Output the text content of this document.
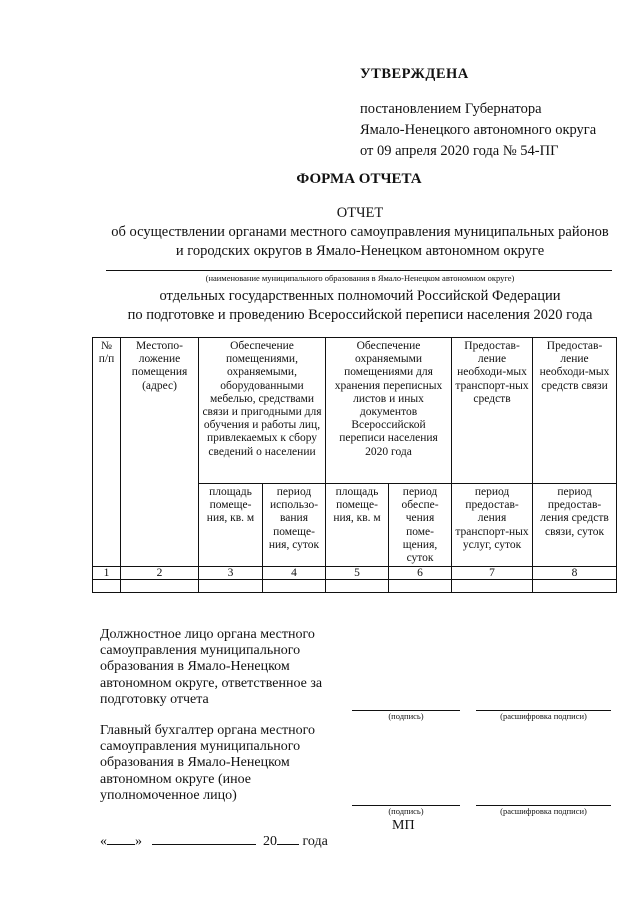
УТВЕРЖДЕНА
постановлением Губернатора
Ямало-Ненецкого автономного округа
от 09 апреля 2020 года № 54-ПГ
ФОРМА ОТЧЕТА
ОТЧЕТ
об осуществлении органами местного самоуправления муниципальных районов
и городских округов в Ямало-Ненецком автономном округе
(наименование муниципального образования в Ямало-Ненецком автономном округе)
отдельных государственных полномочий Российской Федерации
по подготовке и проведению Всероссийской переписи населения 2020 года
№ п/п	Местопо-ложение помещения (адрес)	Обеспечение помещениями, охраняемыми, оборудованными мебелью, средствами связи и пригодными для обучения и работы лиц, привлекаемых к сбору сведений о населении		Обеспечение охраняемыми помещениями для хранения переписных листов и иных документов Всероссийской переписи населения 2020 года		Предостав-ление необходи-мых транспорт-ных средств	Предостав-ление необходи-мых средств связи
		площадь помеще-ния, кв. м	период использо-вания помеще-ния, суток	площадь помеще-ния, кв. м	период обеспе-чения поме-щения, суток	период предостав-ления транспорт-ных услуг, суток	период предостав-ления средств связи, суток
1	2	3	4	5	6	7	8

Должностное лицо органа местного самоуправления муниципального образования в Ямало-Ненецком автономном округе, ответственное за подготовку отчета
(подпись)	(расшифровка подписи)
Главный бухгалтер органа местного самоуправления муниципального образования в Ямало-Ненецком автономном округе (иное уполномоченное лицо)
(подпись)	(расшифровка подписи)
МП
« »	20 года
